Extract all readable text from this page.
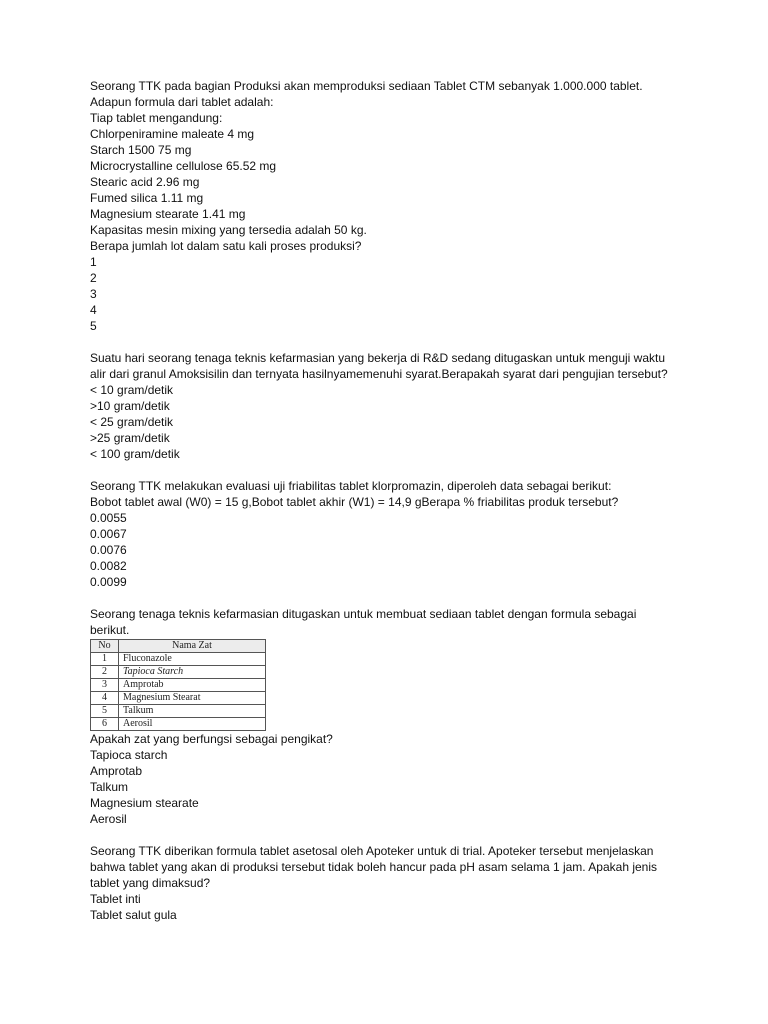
Seorang TTK pada bagian Produksi akan memproduksi sediaan Tablet CTM sebanyak 1.000.000 tablet.
Adapun formula dari tablet adalah:
Tiap tablet mengandung:
Chlorpeniramine maleate 4 mg
Starch 1500 75 mg
Microcrystalline cellulose 65.52 mg
Stearic acid 2.96 mg
Fumed silica 1.11 mg
Magnesium stearate 1.41 mg
Kapasitas mesin mixing yang tersedia adalah 50 kg.
Berapa jumlah lot dalam satu kali proses produksi?
1
2
3
4
5
Suatu hari seorang tenaga teknis kefarmasian yang bekerja di R&D sedang ditugaskan untuk menguji waktu alir dari granul Amoksisilin dan ternyata hasilnyamemenuhi syarat.Berapakah syarat dari pengujian tersebut?
< 10 gram/detik
>10 gram/detik
< 25 gram/detik
>25 gram/detik
< 100 gram/detik
Seorang TTK melakukan evaluasi uji friabilitas tablet klorpromazin, diperoleh data sebagai berikut:
Bobot tablet awal (W0) = 15 g,Bobot tablet akhir (W1) = 14,9 gBerapa % friabilitas produk tersebut?
0.0055
0.0067
0.0076
0.0082
0.0099
Seorang tenaga teknis kefarmasian ditugaskan untuk membuat sediaan tablet dengan formula sebagai berikut.
No	Nama Zat
1	Fluconazole
2	Tapioca Starch
3	Amprotab
4	Magnesium Stearat
5	Talkum
6	Aerosil
Apakah zat yang berfungsi sebagai pengikat?
Tapioca starch
Amprotab
Talkum
Magnesium stearate
Aerosil
Seorang TTK diberikan formula tablet asetosal oleh Apoteker untuk di trial. Apoteker tersebut menjelaskan bahwa tablet yang akan di produksi tersebut tidak boleh hancur pada pH asam selama 1 jam. Apakah jenis tablet yang dimaksud?
Tablet inti
Tablet salut gula
